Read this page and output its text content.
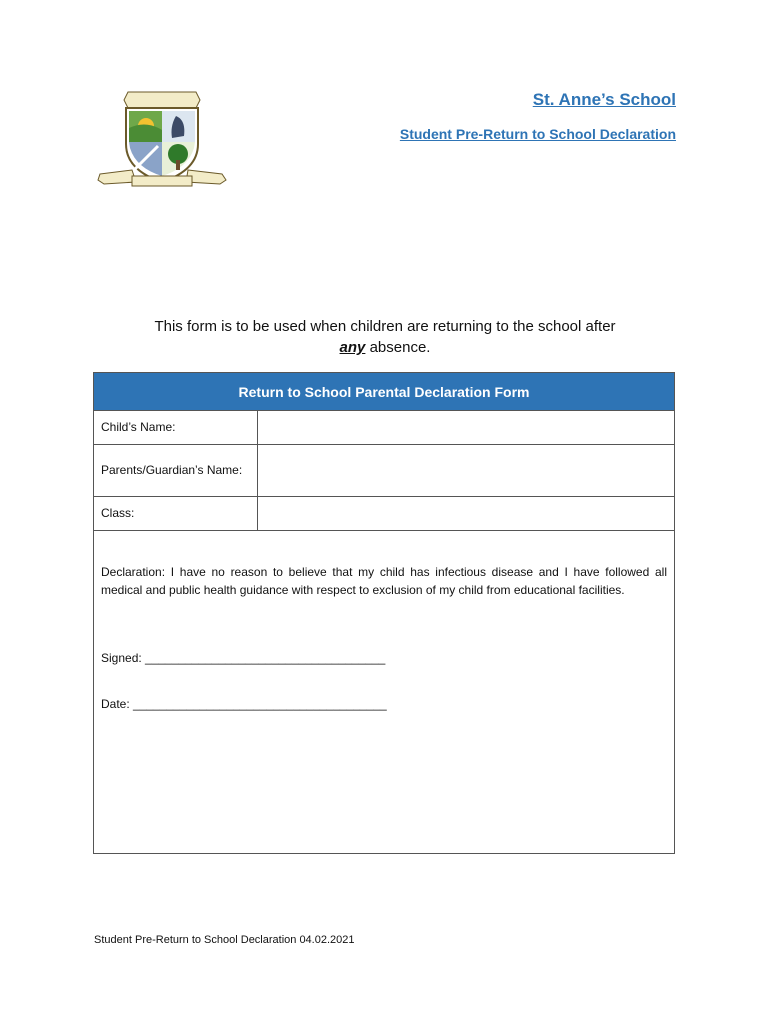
St. Anne’s School
Student Pre-Return to School Declaration
This form is to be used when children are returning to the school after
any absence.
Return to School Parental Declaration Form
Child’s Name:
Parents/Guardian’s Name:
Class:
Declaration: I have no reason to believe that my child has infectious disease and I have followed all medical and public health guidance with respect to exclusion of my child from educational facilities.
Signed: ____________________________________
Date: ______________________________________
Student Pre-Return to School Declaration 04.02.2021
